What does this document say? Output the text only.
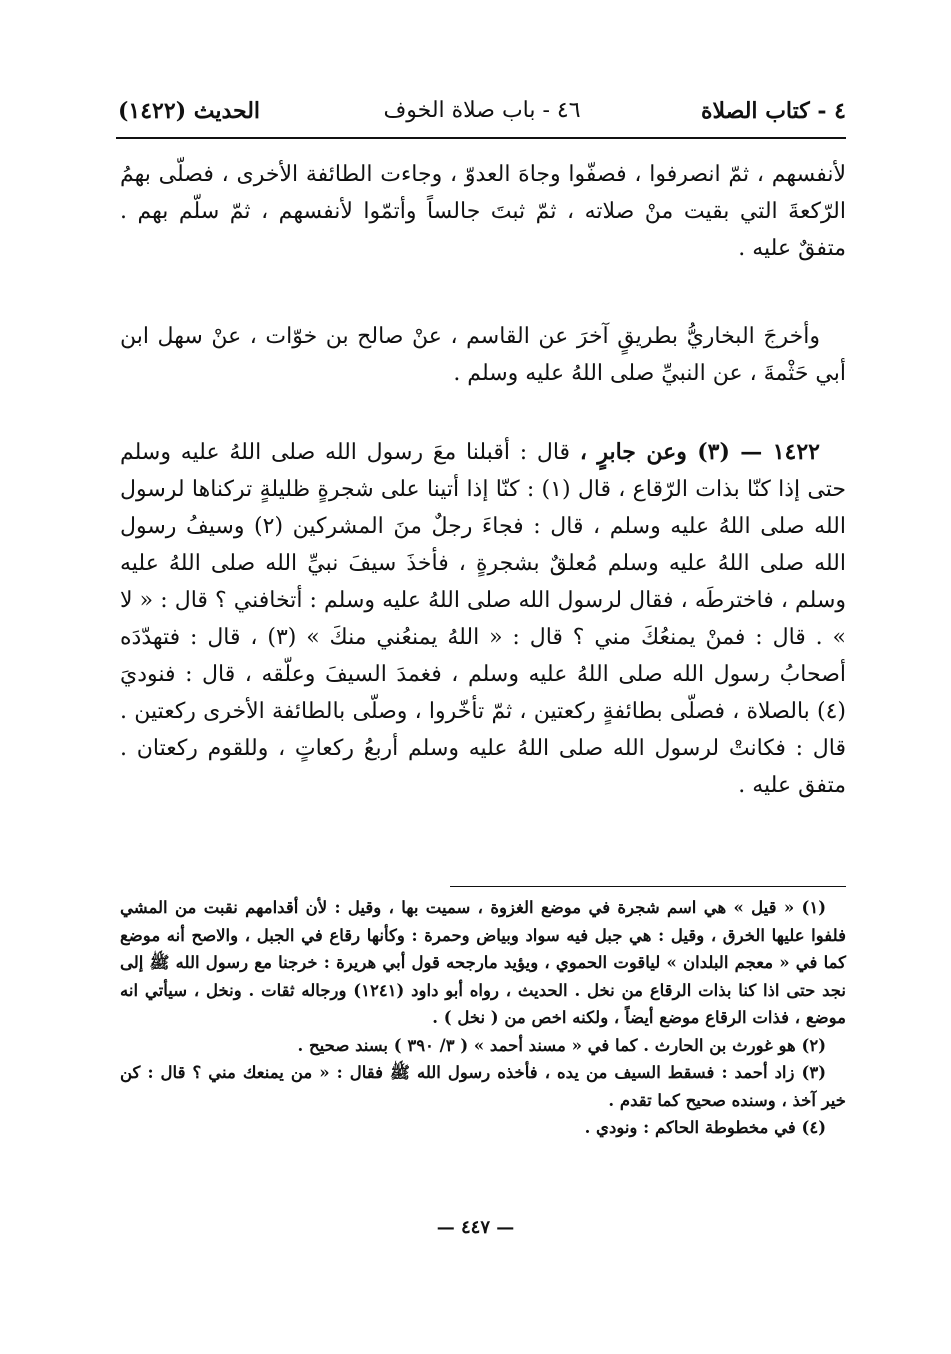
٤ - كتاب الصلاة
٤٦ - باب صلاة الخوف
الحديث (١٤٢٢)

لأنفسهم ، ثمّ انصرفوا ، فصفّوا وجاهَ العدوّ ، وجاءت الطائفة الأخرى ، فصلّى بهمُ الرّكعةَ التي بقيت منْ صلاته ، ثمّ ثبتَ جالساً وأتمّوا لأنفسهم ، ثمّ سلّم بهم . متفقٌ عليه .

وأخرجَ البخاريُّ بطريقٍ آخرَ عن القاسم ، عنْ صالح بن خوّات ، عنْ سهل ابن أبي حَثْمةَ ، عن النبيِّ صلى اللهُ عليه وسلم .

١٤٢٢ — (٣) وعن جابرٍ ، قال : أقبلنا معَ رسول الله صلى اللهُ عليه وسلم حتى إذا كنّا بذات الرّقاع ، قال (١) : كنّا إذا أتينا على شجرةٍ ظليلةٍ تركناها لرسول الله صلى اللهُ عليه وسلم ، قال : فجاءَ رجلٌ منَ المشركين (٢) وسيفُ رسول الله صلى اللهُ عليه وسلم مُعلقٌ بشجرةٍ ، فأخذَ سيفَ نبيِّ الله صلى اللهُ عليه وسلم ، فاخترطَه ، فقال لرسول الله صلى اللهُ عليه وسلم : أتخافني ؟ قال : « لا » . قال : فمنْ يمنعُكَ مني ؟ قال : « اللهُ يمنعُني منكَ » (٣) ، قال : فتهدّدَه أصحابُ رسول الله صلى اللهُ عليه وسلم ، فغمدَ السيفَ وعلّقه ، قال : فنوديَ (٤) بالصلاة ، فصلّى بطائفةٍ ركعتين ، ثمّ تأخّروا ، وصلّى بالطائفة الأخرى ركعتين . قال : فكانتْ لرسول الله صلى اللهُ عليه وسلم أربعُ ركعاتٍ ، وللقوم ركعتان . متفق عليه .

(١) « قيل » هي اسم شجرة في موضع الغزوة ، سميت بها ، وقيل : لأن أقدامهم نقبت من المشي فلفوا عليها الخرق ، وقيل : هي جبل فيه سواد وبياض وحمرة : وكأنها رقاع في الجبل ، والاصح أنه موضع كما في « معجم البلدان » لياقوت الحموي ، ويؤيد مارجحه قول أبي هريرة : خرجنا مع رسول الله ﷺ إلى نجد حتى اذا كنا بذات الرقاع من نخل . الحديث ، رواه أبو داود (١٢٤١) ورجاله ثقات . ونخل ، سيأتي انه موضع ، فذات الرقاع موضع أيضاً ، ولكنه اخص من ( نخل ) .

(٢) هو غورث بن الحارث . كما في « مسند أحمد » ( ٣/ ٣٩٠ ) بسند صحيح .

(٣) زاد أحمد : فسقط السيف من يده ، فأخذه رسول الله ﷺ فقال : « من يمنعك مني ؟ قال : كن خير آخذ ، وسنده صحيح كما تقدم .

(٤) في مخطوطة الحاكم : ونودي .

— ٤٤٧ —
